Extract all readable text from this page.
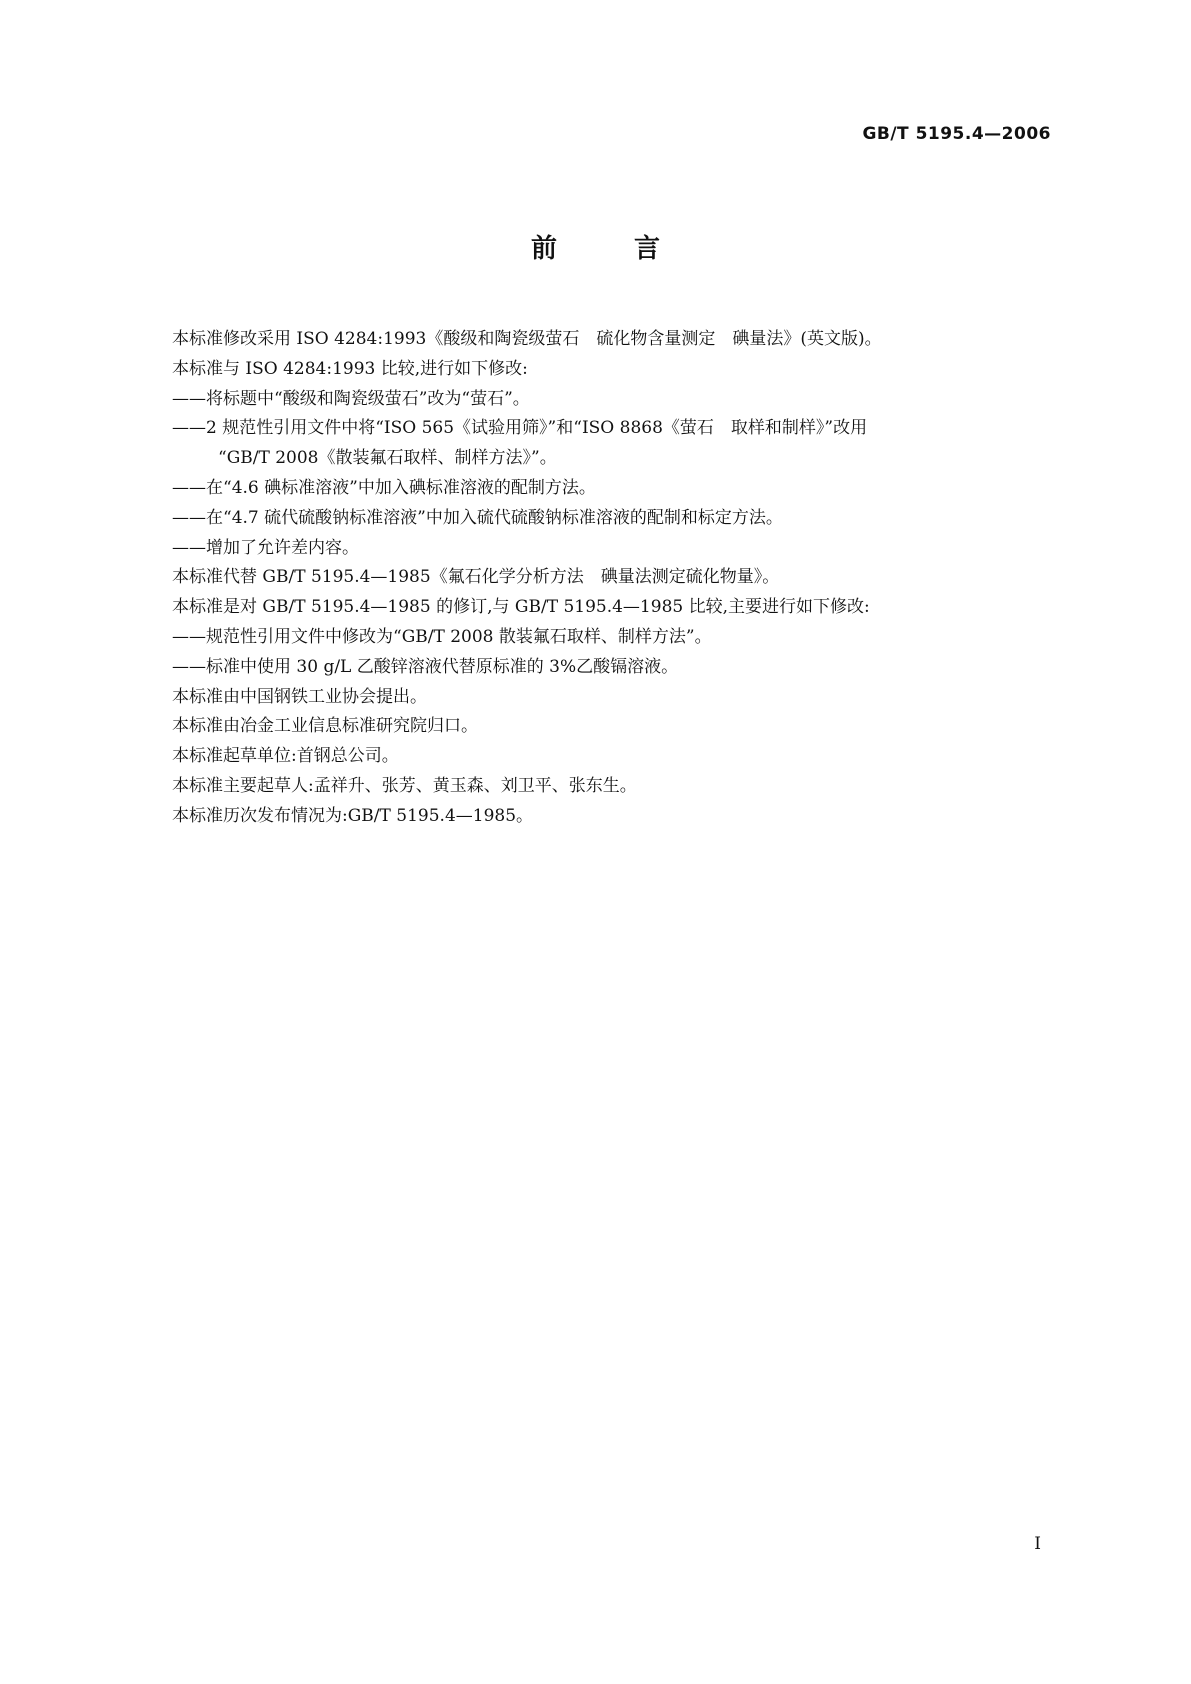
GB/T 5195.4—2006
前 言
本标准修改采用 ISO 4284:1993《酸级和陶瓷级萤石　硫化物含量测定　碘量法》(英文版)。
本标准与 ISO 4284:1993 比较,进行如下修改:
——将标题中“酸级和陶瓷级萤石”改为“萤石”。
——2 规范性引用文件中将“ISO 565《试验用筛》”和“ISO 8868《萤石　取样和制样》”改用
“GB/T 2008《散装氟石取样、制样方法》”。
——在“4.6 碘标准溶液”中加入碘标准溶液的配制方法。
——在“4.7 硫代硫酸钠标准溶液”中加入硫代硫酸钠标准溶液的配制和标定方法。
——增加了允许差内容。
本标准代替 GB/T 5195.4—1985《氟石化学分析方法　碘量法测定硫化物量》。
本标准是对 GB/T 5195.4—1985 的修订,与 GB/T 5195.4—1985 比较,主要进行如下修改:
——规范性引用文件中修改为“GB/T 2008 散装氟石取样、制样方法”。
——标准中使用 30 g/L 乙酸锌溶液代替原标准的 3%乙酸镉溶液。
本标准由中国钢铁工业协会提出。
本标准由冶金工业信息标准研究院归口。
本标准起草单位:首钢总公司。
本标准主要起草人:孟祥升、张芳、黄玉森、刘卫平、张东生。
本标准历次发布情况为:GB/T 5195.4—1985。
I
